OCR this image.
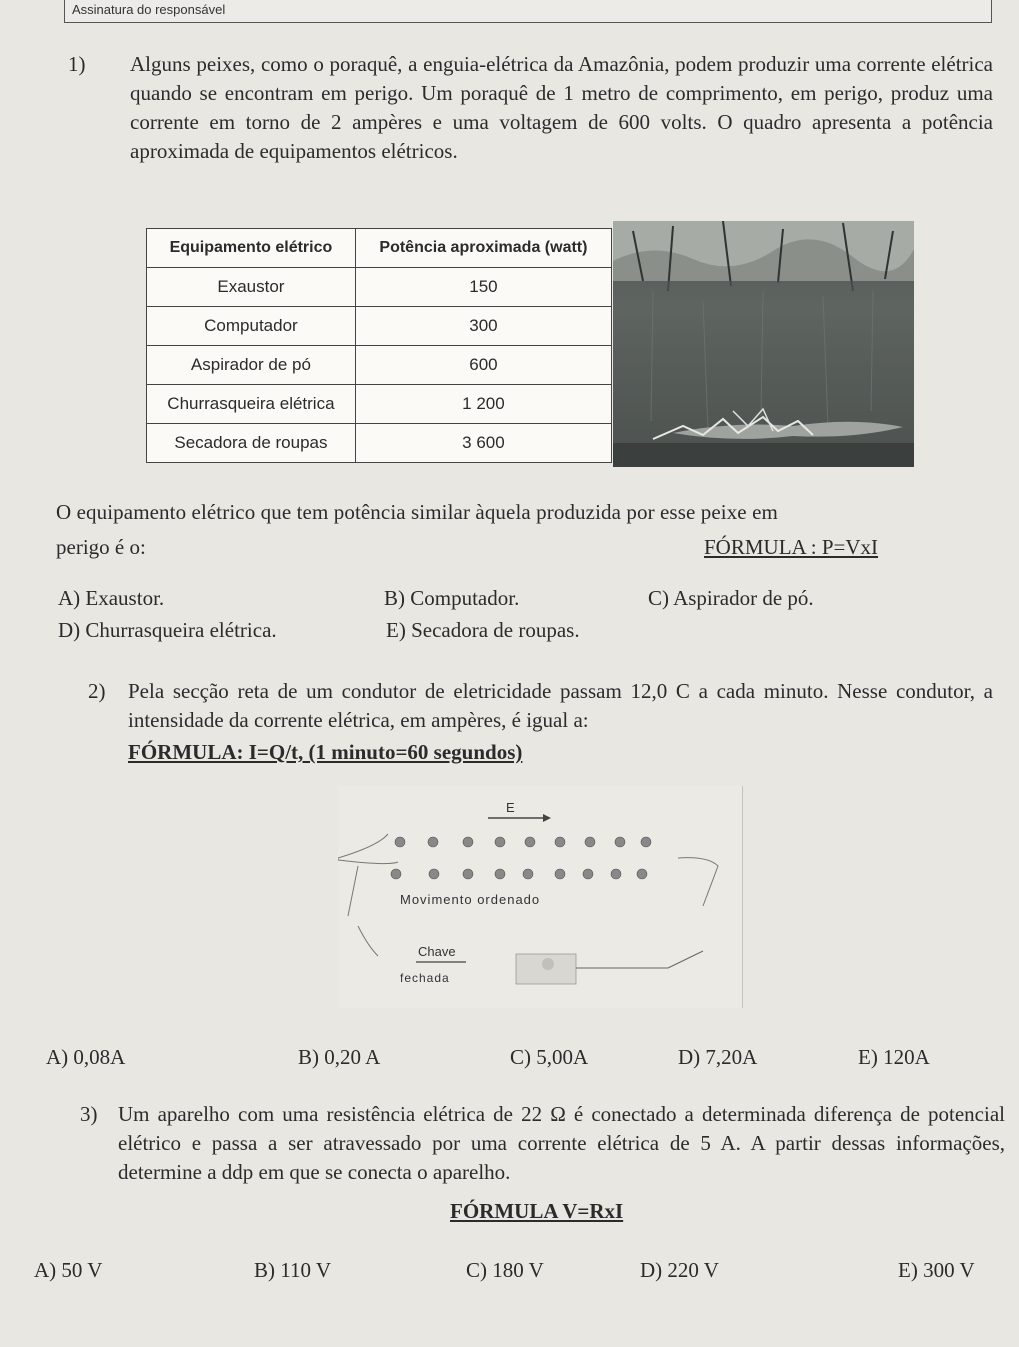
Assinatura do responsável
1) Alguns peixes, como o poraquê, a enguia-elétrica da Amazônia, podem produzir uma corrente elétrica quando se encontram em perigo. Um poraquê de 1 metro de comprimento, em perigo, produz uma corrente em torno de 2 ampères e uma voltagem de 600 volts. O quadro apresenta a potência aproximada de equipamentos elétricos.
Equipamento elétrico	Potência aproximada (watt)
Exaustor	150
Computador	300
Aspirador de pó	600
Churrasqueira elétrica	1 200
Secadora de roupas	3 600
O equipamento elétrico que tem potência similar àquela produzida por esse peixe em
perigo é o:	FÓRMULA : P=VxI
A) Exaustor.	B) Computador.	C) Aspirador de pó.
D) Churrasqueira elétrica.	E) Secadora de roupas.
2) Pela secção reta de um condutor de eletricidade passam 12,0 C a cada minuto. Nesse condutor, a intensidade da corrente elétrica, em ampères, é igual a:
FÓRMULA: I=Q/t, (1 minuto=60 segundos)
E
Movimento ordenado
Chave
fechada
A) 0,08A	B) 0,20 A	C) 5,00A	D) 7,20A	E) 120A
3) Um aparelho com uma resistência elétrica de 22 Ω é conectado a determinada diferença de potencial elétrico e passa a ser atravessado por uma corrente elétrica de 5 A. A partir dessas informações, determine a ddp em que se conecta o aparelho.
FÓRMULA V=RxI
A) 50 V	B) 110 V	C) 180 V	D) 220 V	E) 300 V
